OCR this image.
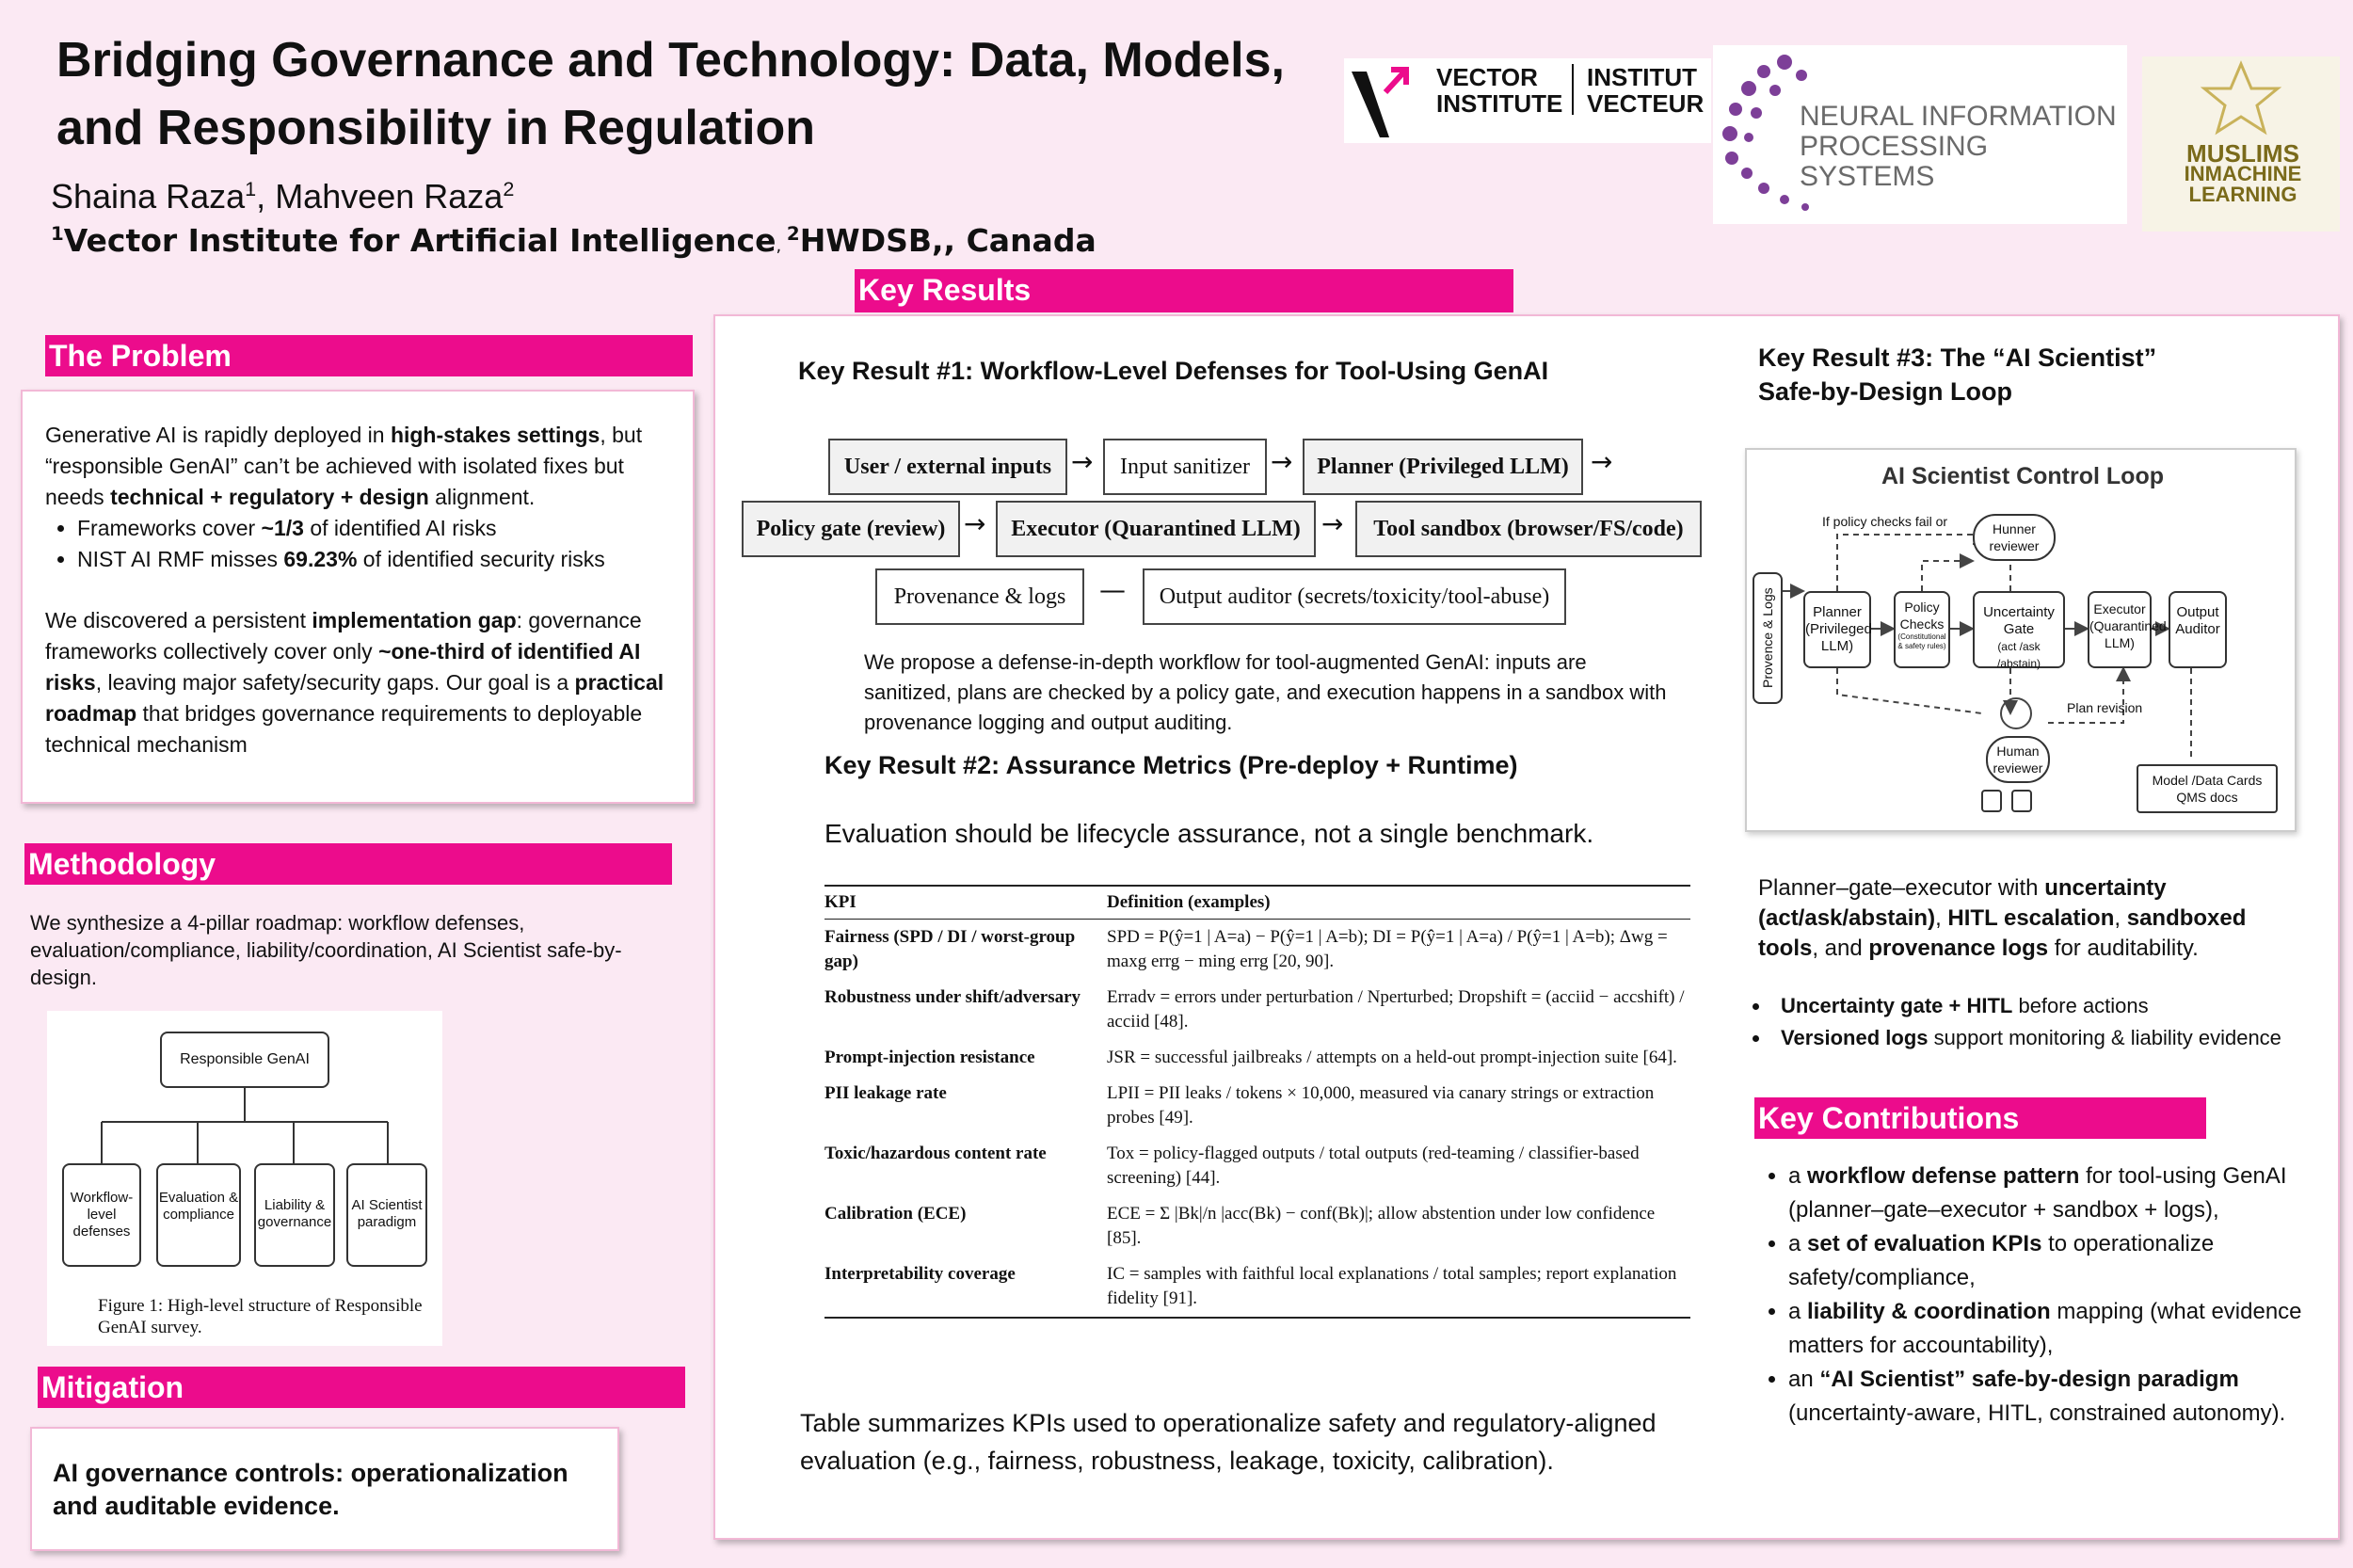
Bridging Governance and Technology: Data, Models,
and Responsibility in Regulation
Shaina Raza$^1$, Mahveen Raza$^2$
$^1$Vector Institute for Artificial Intelligence, $^2$HWDSB,, Canada
VECTOR
INSTITUTE
INSTITUT
VECTEUR	NEURAL INFORMATION
PROCESSING SYSTEMS
MUSLIMS
INMACHINE
LEARNING
The Problem

Generative AI is rapidly deployed in high-stakes settings, but “responsible GenAI” can’t be achieved with isolated fixes but needs technical + regulatory + design alignment.

• Frameworks cover ~1/3 of identified AI risks
• NIST AI RMF misses 69.23% of identified security risks

We discovered a persistent implementation gap: governance frameworks collectively cover only ~one-third of identified AI risks, leaving major safety/security gaps. Our goal is a practical roadmap that bridges governance requirements to deployable technical mechanism

Methodology
We synthesize a 4-pillar roadmap: workflow defenses, evaluation/compliance, liability/coordination, AI Scientist safe-by-design.
Responsible GenAI
Workflow-level defenses
Evaluation & compliance
Liability & governance
AI Scientist paradigm
Figure 1: High-level structure of Responsible GenAI survey.
Mitigation
AI governance controls: operationalization and auditable evidence.
Key Results
Key Result #1: Workflow-Level Defenses for Tool-Using GenAI
User / external inputs →	Input sanitizer →	Planner (Privileged LLM) →
Policy gate (review) →	Executor (Quarantined LLM) →	Tool sandbox (browser/FS/code)
Provenance & logs	—	Output auditor (secrets/toxicity/tool-abuse)
We propose a defense-in-depth workflow for tool-augmented GenAI: inputs are sanitized, plans are checked by a policy gate, and execution happens in a sandbox with provenance logging and output auditing.
Key Result #2: Assurance Metrics (Pre-deploy + Runtime)
Evaluation should be lifecycle assurance, not a single benchmark.
KPI	Definition (examples)
Fairness (SPD / DI / worst-group gap)	SPD = P(ŷ=1 | A=a) − P(ŷ=1 | A=b); DI = P(ŷ=1 | A=a) / P(ŷ=1 | A=b); Δwg = maxg errg − ming errg [20, 90].
Robustness under shift/adversary	Erradv = errors under perturbation / Nperturbed; Dropshift = (acciid − accshift) / acciid [48].
Prompt-injection resistance	JSR = successful jailbreaks / attempts on a held-out prompt-injection suite [64].
PII leakage rate	LPII = PII leaks / tokens × 10,000, measured via canary strings or extraction probes [49].
Toxic/hazardous content rate	Tox = policy-flagged outputs / total outputs (red-teaming / classifier-based screening) [44].
Calibration (ECE)	ECE = Σ |Bk|/n |acc(Bk) − conf(Bk)|; allow abstention under low confidence [85].
Interpretability coverage	IC = samples with faithful local explanations / total samples; report explanation fidelity [91].
Table summarizes KPIs used to operationalize safety and regulatory-aligned evaluation (e.g., fairness, robustness, leakage, toxicity, calibration).
Key Result #3: The “AI Scientist”
Safe-by-Design Loop
AI Scientist Control Loop
If policy checks fail or	Hunner reviewer
Provence & Logs	Planner (Privileged LLM)
Policy Checks
(Constitutional & safety rules)
Uncertainty Gate
(act /ask /abstain)
Executor (Quarantined LLM)
Output Auditor
Plan revision
Human reviewer
Model /Data Cards QMS docs
Planner–gate–executor with uncertainty (act/ask/abstain), HITL escalation, sandboxed tools, and provenance logs for auditability.
• Uncertainty gate + HITL before actions
• Versioned logs support monitoring & liability evidence
Key Contributions
• a workflow defense pattern for tool-using GenAI (planner–gate–executor + sandbox + logs),
• a set of evaluation KPIs to operationalize safety/compliance,
• a liability & coordination mapping (what evidence matters for accountability),
• an “AI Scientist” safe-by-design paradigm (uncertainty-aware, HITL, constrained autonomy).
